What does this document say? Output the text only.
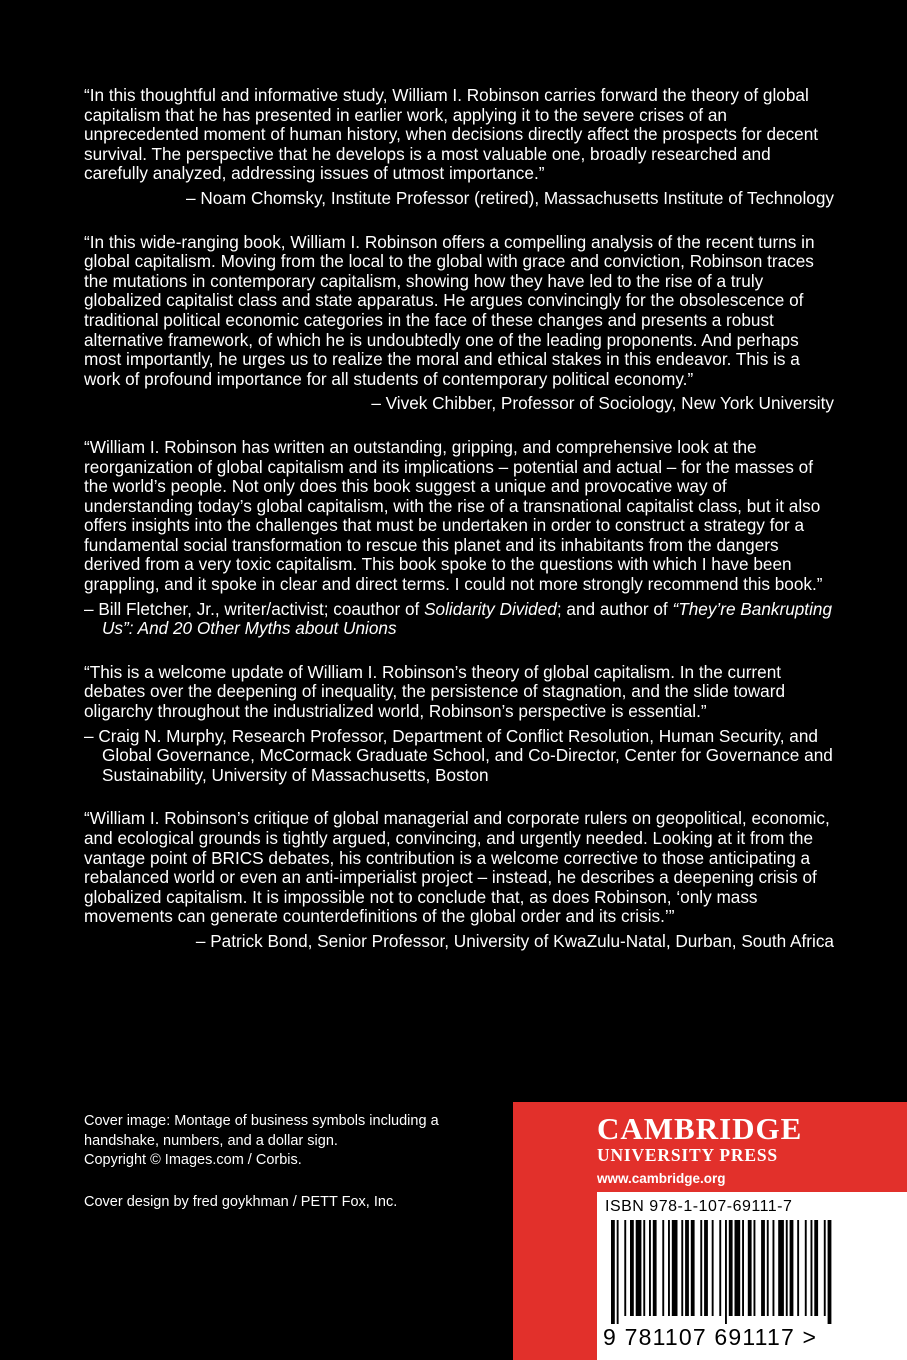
“In this thoughtful and informative study, William I. Robinson carries forward the theory of global capitalism that he has presented in earlier work, applying it to the severe crises of an unprecedented moment of human history, when decisions directly affect the prospects for decent survival. The perspective that he develops is a most valuable one, broadly researched and carefully analyzed, addressing issues of utmost importance.”

– Noam Chomsky, Institute Professor (retired), Massachusetts Institute of Technology

“In this wide-ranging book, William I. Robinson offers a compelling analysis of the recent turns in global capitalism. Moving from the local to the global with grace and conviction, Robinson traces the mutations in contemporary capitalism, showing how they have led to the rise of a truly globalized capitalist class and state apparatus. He argues convincingly for the obsolescence of traditional political economic categories in the face of these changes and presents a robust alternative framework, of which he is undoubtedly one of the leading proponents. And perhaps most importantly, he urges us to realize the moral and ethical stakes in this endeavor. This is a work of profound importance for all students of contemporary political economy.”

– Vivek Chibber, Professor of Sociology, New York University

“William I. Robinson has written an outstanding, gripping, and comprehensive look at the reorganization of global capitalism and its implications – potential and actual – for the masses of the world’s people. Not only does this book suggest a unique and provocative way of understanding today’s global capitalism, with the rise of a transnational capitalist class, but it also offers insights into the challenges that must be undertaken in order to construct a strategy for a fundamental social transformation to rescue this planet and its inhabitants from the dangers derived from a very toxic capitalism. This book spoke to the questions with which I have been grappling, and it spoke in clear and direct terms. I could not more strongly recommend this book.”

– Bill Fletcher, Jr., writer/activist; coauthor of Solidarity Divided; and author of “They’re Bankrupting Us”: And 20 Other Myths about Unions

“This is a welcome update of William I. Robinson’s theory of global capitalism. In the current debates over the deepening of inequality, the persistence of stagnation, and the slide toward oligarchy throughout the industrialized world, Robinson’s perspective is essential.”

– Craig N. Murphy, Research Professor, Department of Conflict Resolution, Human Security, and Global Governance, McCormack Graduate School, and Co-Director, Center for Governance and Sustainability, University of Massachusetts, Boston

“William I. Robinson’s critique of global managerial and corporate rulers on geopolitical, economic, and ecological grounds is tightly argued, convincing, and urgently needed. Looking at it from the vantage point of BRICS debates, his contribution is a welcome corrective to those anticipating a rebalanced world or even an anti-imperialist project – instead, he describes a deepening crisis of globalized capitalism. It is impossible not to conclude that, as does Robinson, ‘only mass movements can generate counterdefinitions of the global order and its crisis.’”

– Patrick Bond, Senior Professor, University of KwaZulu-Natal, Durban, South Africa

Cover image: Montage of business symbols including a handshake, numbers, and a dollar sign.
Copyright © Images.com / Corbis.

Cover design by fred goykhman / PETT Fox, Inc.

CAMBRIDGE
UNIVERSITY PRESS
www.cambridge.org
ISBN 978-1-107-69111-7
9 781107 691117 >
